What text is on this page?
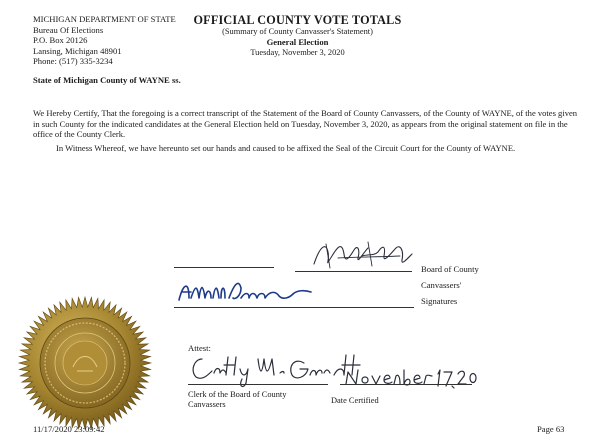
MICHIGAN DEPARTMENT OF STATE
Bureau Of Elections
P.O. Box 20126
Lansing, Michigan 48901
Phone: (517) 335-3234
OFFICIAL COUNTY VOTE TOTALS
(Summary of County Canvasser's Statement)
General Election
Tuesday, November 3, 2020
State of Michigan County of WAYNE ss.
We Hereby Certify, That the foregoing is a correct transcript of the Statement of the Board of County Canvassers, of the County of WAYNE, of the votes given in such County for the indicated candidates at the General Election held on Tuesday, November 3, 2020, as appears from the original statement on file in the office of the County Clerk.
In Witness Whereof, we have hereunto set our hands and caused to be affixed the Seal of the Circuit Court for the County of WAYNE.
Board of County
Canvassers'
Signatures
Attest:
Clerk of the Board of County
Canvassers	Date Certified
11/17/2020 23:09:42	Page 63
